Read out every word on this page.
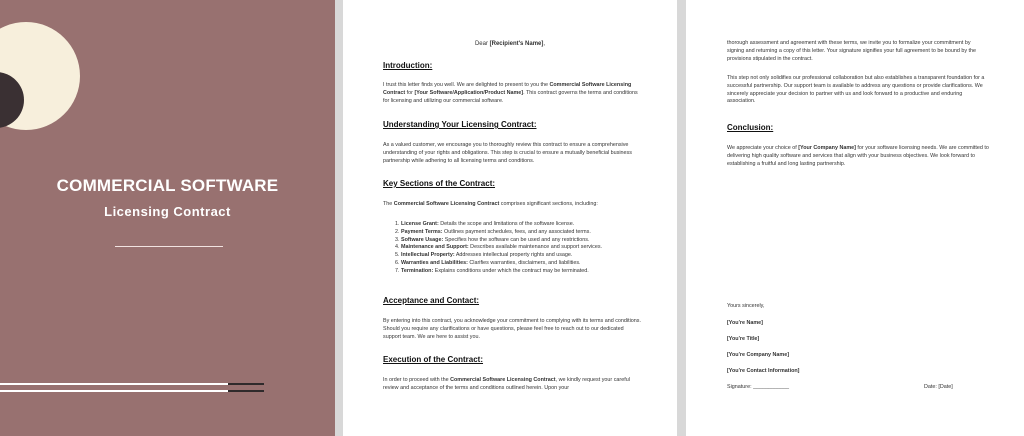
COMMERCIAL SOFTWARE
Licensing Contract
Dear [Recipient's Name],
Introduction:

I trust this letter finds you well. We are delighted to present to you the Commercial Software Licensing Contract for [Your Software/Application/Product Name]. This contract governs the terms and conditions for licensing and utilizing our commercial software.

Understanding Your Licensing Contract:

As a valued customer, we encourage you to thoroughly review this contract to ensure a comprehensive understanding of your rights and obligations. This step is crucial to ensure a mutually beneficial business partnership while adhering to all licensing terms and conditions.

Key Sections of the Contract:

The Commercial Software Licensing Contract comprises significant sections, including:

1. License Grant: Details the scope and limitations of the software license.
2. Payment Terms: Outlines payment schedules, fees, and any associated terms.
3. Software Usage: Specifies how the software can be used and any restrictions.
4. Maintenance and Support: Describes available maintenance and support services.
5. Intellectual Property: Addresses intellectual property rights and usage.
6. Warranties and Liabilities: Clarifies warranties, disclaimers, and liabilities.
7. Termination: Explains conditions under which the contract may be terminated.
Acceptance and Contact:

By entering into this contract, you acknowledge your commitment to complying with its terms and conditions. Should you require any clarifications or have questions, please feel free to reach out to our dedicated support team. We are here to assist you.

Execution of the Contract:

In order to proceed with the Commercial Software Licensing Contract, we kindly request your careful review and acceptance of the terms and conditions outlined herein. Upon your

thorough assessment and agreement with these terms, we invite you to formalize your commitment by signing and returning a copy of this letter. Your signature signifies your full agreement to be bound by the provisions stipulated in the contract.

This step not only solidifies our professional collaboration but also establishes a transparent foundation for a successful partnership. Our support team is available to address any questions or provide clarifications. We sincerely appreciate your decision to partner with us and look forward to a productive and enduring association.

Conclusion:

We appreciate your choice of [Your Company Name] for your software licensing needs. We are committed to delivering high quality software and services that align with your business objectives. We look forward to establishing a fruitful and long lasting partnership.

Yours sincerely,
[You're Name]
[You're Title]
[You're Company Name]
[You're Contact Information]
Signature: ____________	Date: [Date]
